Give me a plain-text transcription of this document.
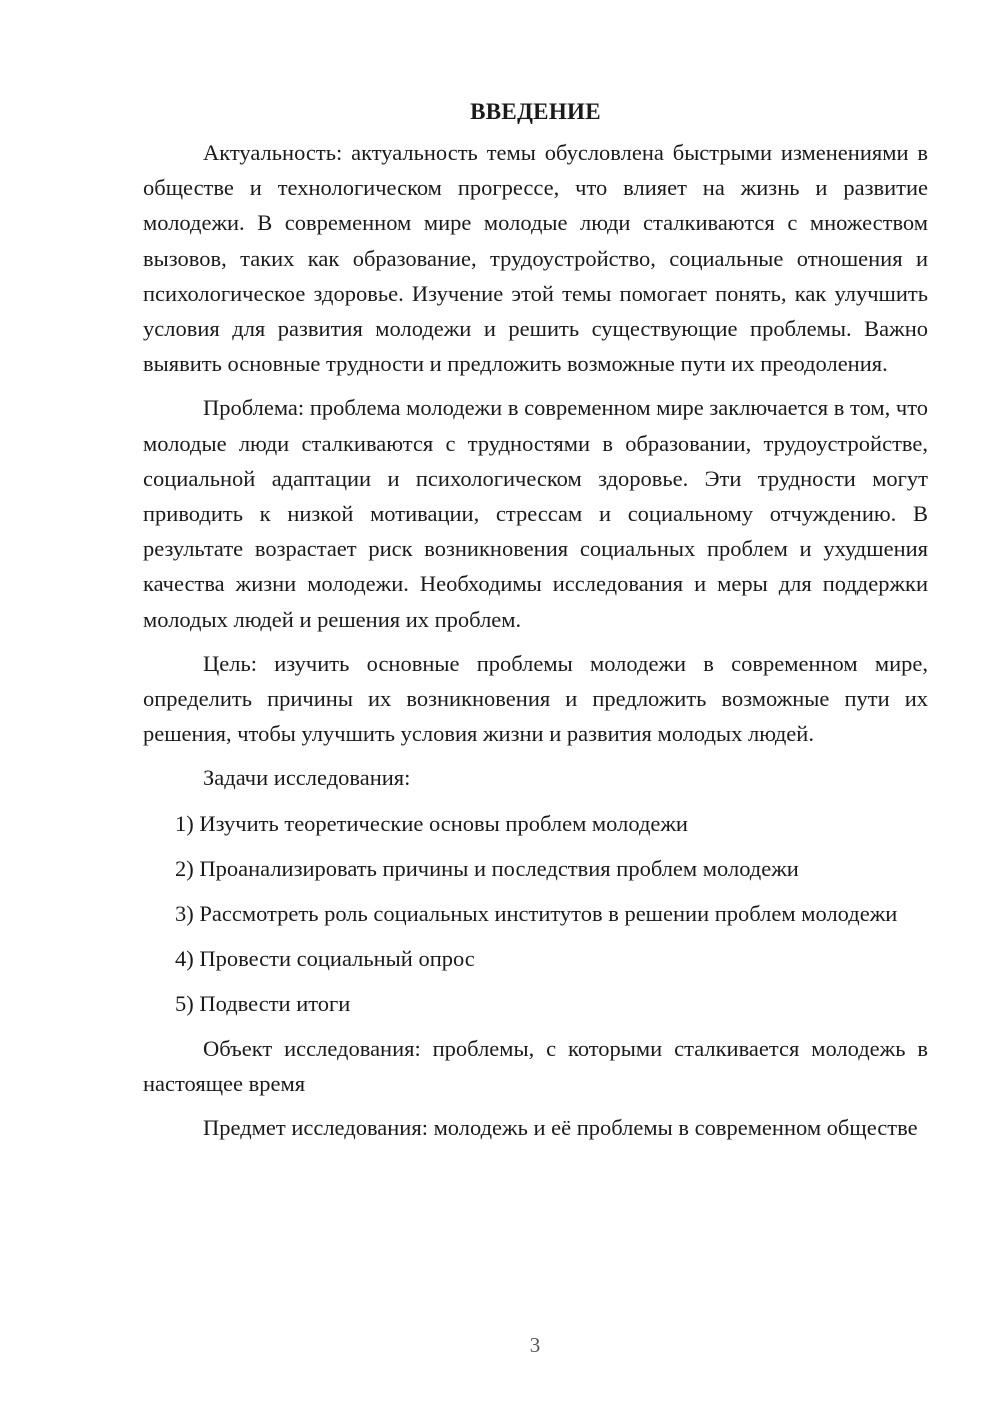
ВВЕДЕНИЕ

Актуальность: актуальность темы обусловлена быстрыми изменениями в обществе и технологическом прогрессе, что влияет на жизнь и развитие молодежи. В современном мире молодые люди сталкиваются с множеством вызовов, таких как образование, трудоустройство, социальные отношения и психологическое здоровье. Изучение этой темы помогает понять, как улучшить условия для развития молодежи и решить существующие проблемы. Важно выявить основные трудности и предложить возможные пути их преодоления.

Проблема: проблема молодежи в современном мире заключается в том, что молодые люди сталкиваются с трудностями в образовании, трудоустройстве, социальной адаптации и психологическом здоровье. Эти трудности могут приводить к низкой мотивации, стрессам и социальному отчуждению. В результате возрастает риск возникновения социальных проблем и ухудшения качества жизни молодежи. Необходимы исследования и меры для поддержки молодых людей и решения их проблем.

Цель: изучить основные проблемы молодежи в современном мире, определить причины их возникновения и предложить возможные пути их решения, чтобы улучшить условия жизни и развития молодых людей.

Задачи исследования:

1) Изучить теоретические основы проблем молодежи

2) Проанализировать причины и последствия проблем молодежи

3) Рассмотреть роль социальных институтов в решении проблем молодежи

4) Провести социальный опрос

5) Подвести итоги

Объект исследования: проблемы, с которыми сталкивается молодежь в настоящее время

Предмет исследования: молодежь и её проблемы в современном обществе

3
